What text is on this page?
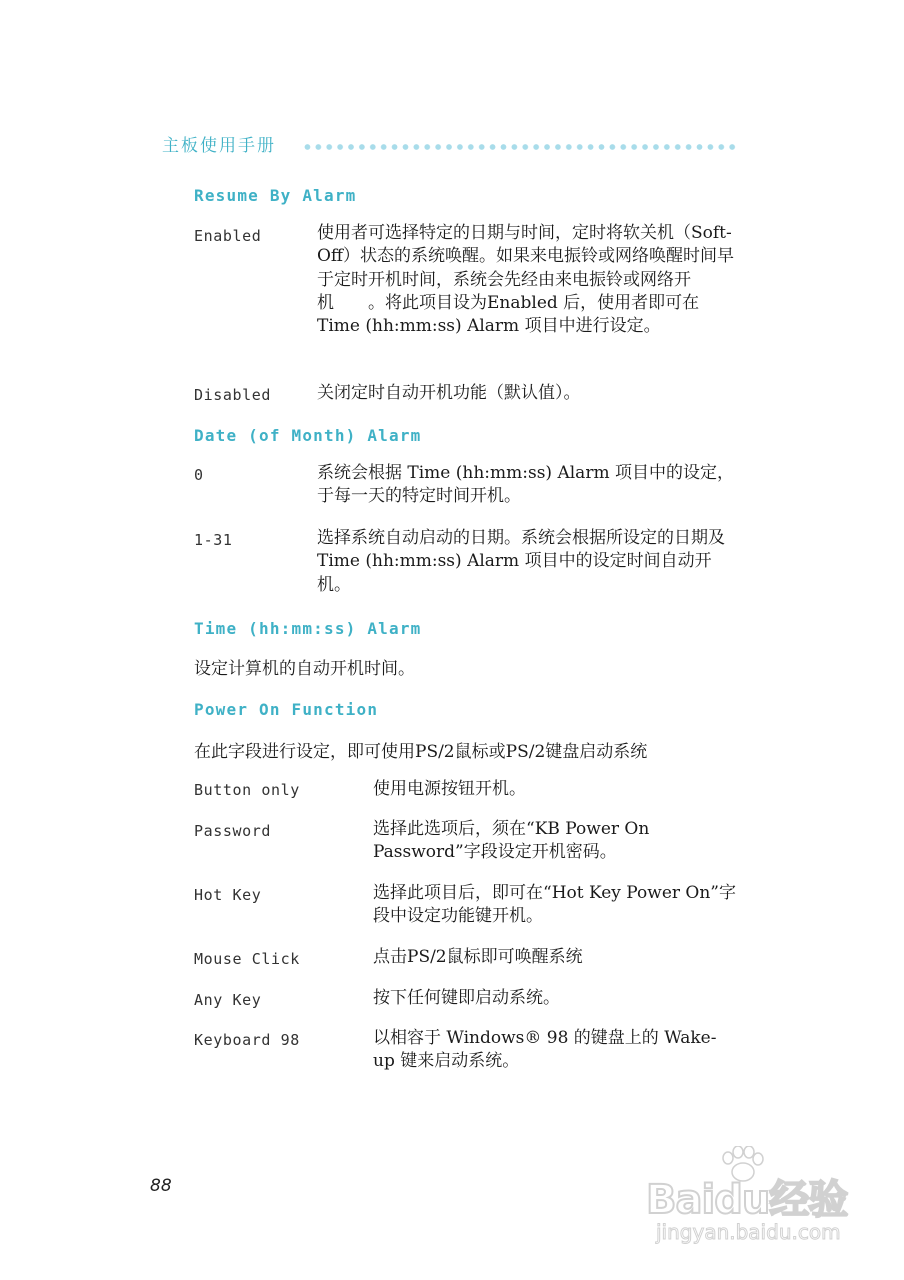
主板使用手册
Resume By Alarm
Enabled	使用者可选择特定的日期与时间，定时将软关机（Soft-Off）状态的系统唤醒。如果来电振铃或网络唤醒时间早于定时开机时间，系统会先经由来电振铃或网络开机　　。将此项目设为Enabled 后，使用者即可在 Time (hh:mm:ss) Alarm 项目中进行设定。
Disabled	关闭定时自动开机功能（默认值）。
Date (of Month) Alarm
0	系统会根据 Time (hh:mm:ss) Alarm 项目中的设定，于每一天的特定时间开机。
1-31	选择系统自动启动的日期。系统会根据所设定的日期及 Time (hh:mm:ss) Alarm 项目中的设定时间自动开机。
Time (hh:mm:ss) Alarm
设定计算机的自动开机时间。
Power On Function
在此字段进行设定，即可使用PS/2鼠标或PS/2键盘启动系统
Button only	使用电源按钮开机。
Password	选择此选项后，须在“KB Power On Password”字段设定开机密码。
Hot Key	选择此项目后，即可在“Hot Key Power On”字段中设定功能键开机。
Mouse Click	点击PS/2鼠标即可唤醒系统
Any Key	按下任何键即启动系统。
Keyboard 98	以相容于 Windows® 98 的键盘上的 Wake-up 键来启动系统。
88	Baidu经验
jingyan.baidu.com
